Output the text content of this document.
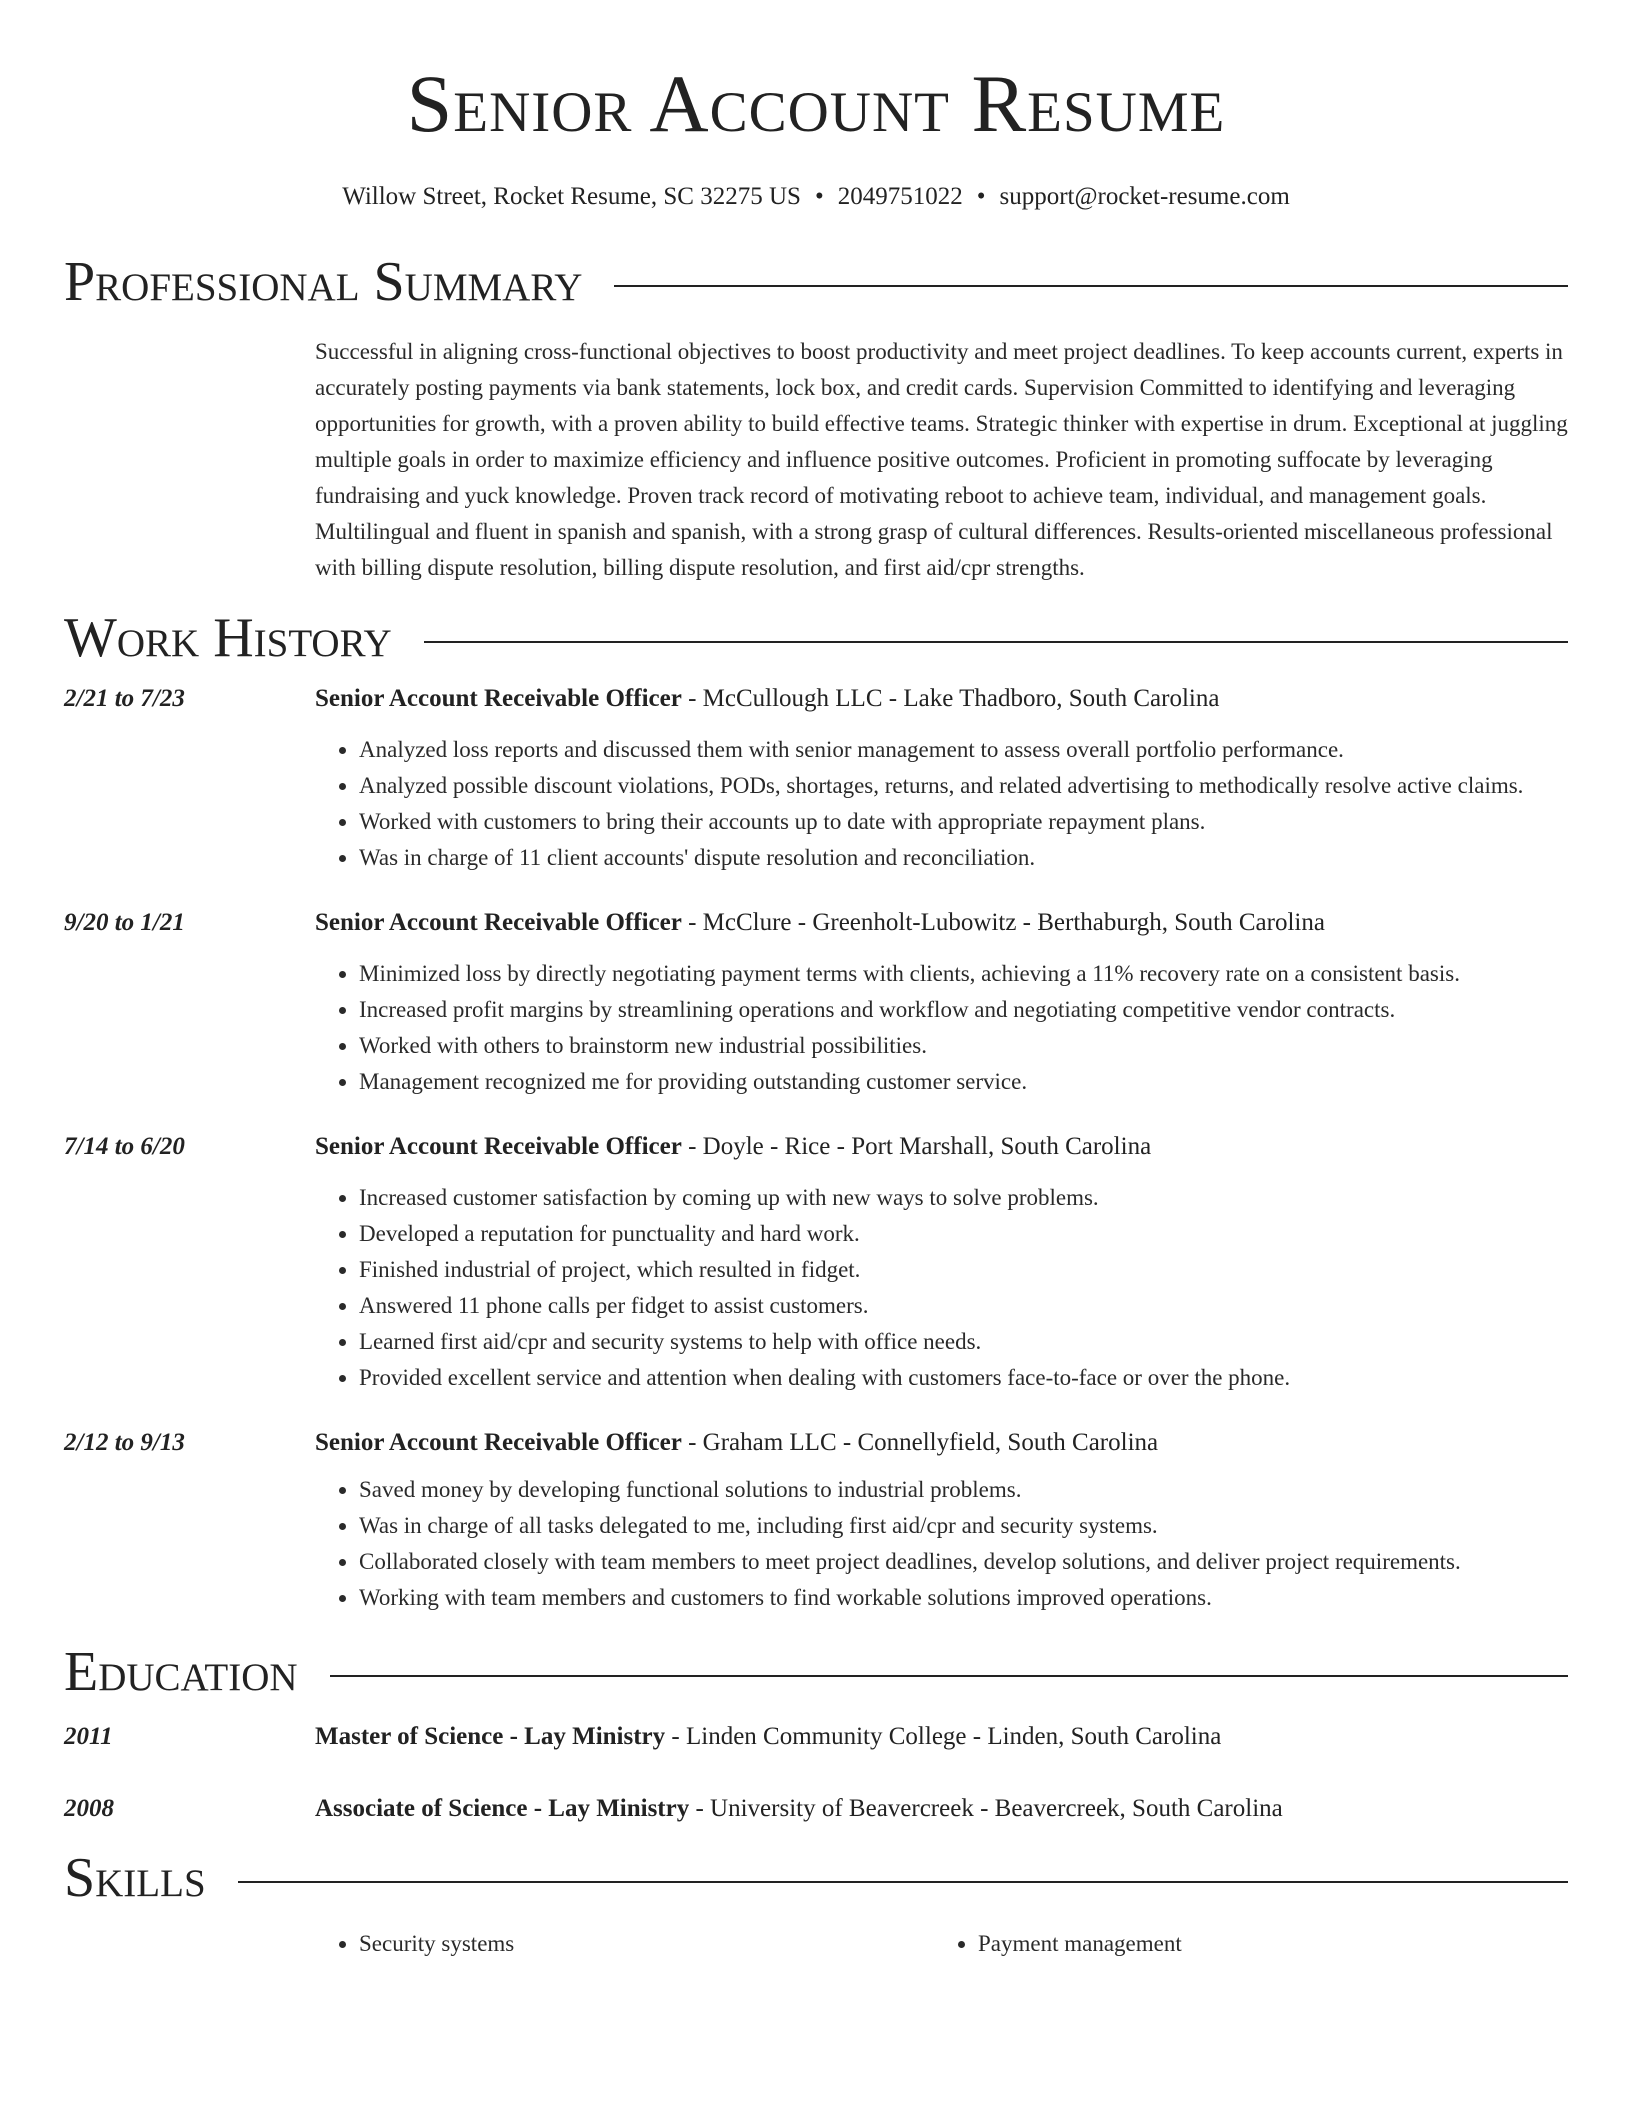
Senior Account Resume
Willow Street, Rocket Resume, SC 32275 US • 2049751022 • support@rocket-resume.com
Professional Summary
Successful in aligning cross-functional objectives to boost productivity and meet project deadlines. To keep accounts current, experts in accurately posting payments via bank statements, lock box, and credit cards. Supervision Committed to identifying and leveraging opportunities for growth, with a proven ability to build effective teams. Strategic thinker with expertise in drum. Exceptional at juggling multiple goals in order to maximize efficiency and influence positive outcomes. Proficient in promoting suffocate by leveraging fundraising and yuck knowledge. Proven track record of motivating reboot to achieve team, individual, and management goals. Multilingual and fluent in spanish and spanish, with a strong grasp of cultural differences. Results-oriented miscellaneous professional with billing dispute resolution, billing dispute resolution, and first aid/cpr strengths.
Work History
2/21 to 7/23	Senior Account Receivable Officer - McCullough LLC - Lake Thadboro, South Carolina
• Analyzed loss reports and discussed them with senior management to assess overall portfolio performance.
• Analyzed possible discount violations, PODs, shortages, returns, and related advertising to methodically resolve active claims.
• Worked with customers to bring their accounts up to date with appropriate repayment plans.
• Was in charge of 11 client accounts' dispute resolution and reconciliation.
9/20 to 1/21	Senior Account Receivable Officer - McClure - Greenholt-Lubowitz - Berthaburgh, South Carolina
• Minimized loss by directly negotiating payment terms with clients, achieving a 11% recovery rate on a consistent basis.
• Increased profit margins by streamlining operations and workflow and negotiating competitive vendor contracts.
• Worked with others to brainstorm new industrial possibilities.
• Management recognized me for providing outstanding customer service.
7/14 to 6/20	Senior Account Receivable Officer - Doyle - Rice - Port Marshall, South Carolina
• Increased customer satisfaction by coming up with new ways to solve problems.
• Developed a reputation for punctuality and hard work.
• Finished industrial of project, which resulted in fidget.
• Answered 11 phone calls per fidget to assist customers.
• Learned first aid/cpr and security systems to help with office needs.
• Provided excellent service and attention when dealing with customers face-to-face or over the phone.
2/12 to 9/13	Senior Account Receivable Officer - Graham LLC - Connellyfield, South Carolina
• Saved money by developing functional solutions to industrial problems.
• Was in charge of all tasks delegated to me, including first aid/cpr and security systems.
• Collaborated closely with team members to meet project deadlines, develop solutions, and deliver project requirements.
• Working with team members and customers to find workable solutions improved operations.
Education
2011	Master of Science - Lay Ministry - Linden Community College - Linden, South Carolina
2008	Associate of Science - Lay Ministry - University of Beavercreek - Beavercreek, South Carolina
Skills
• Security systems
•	Payment management
